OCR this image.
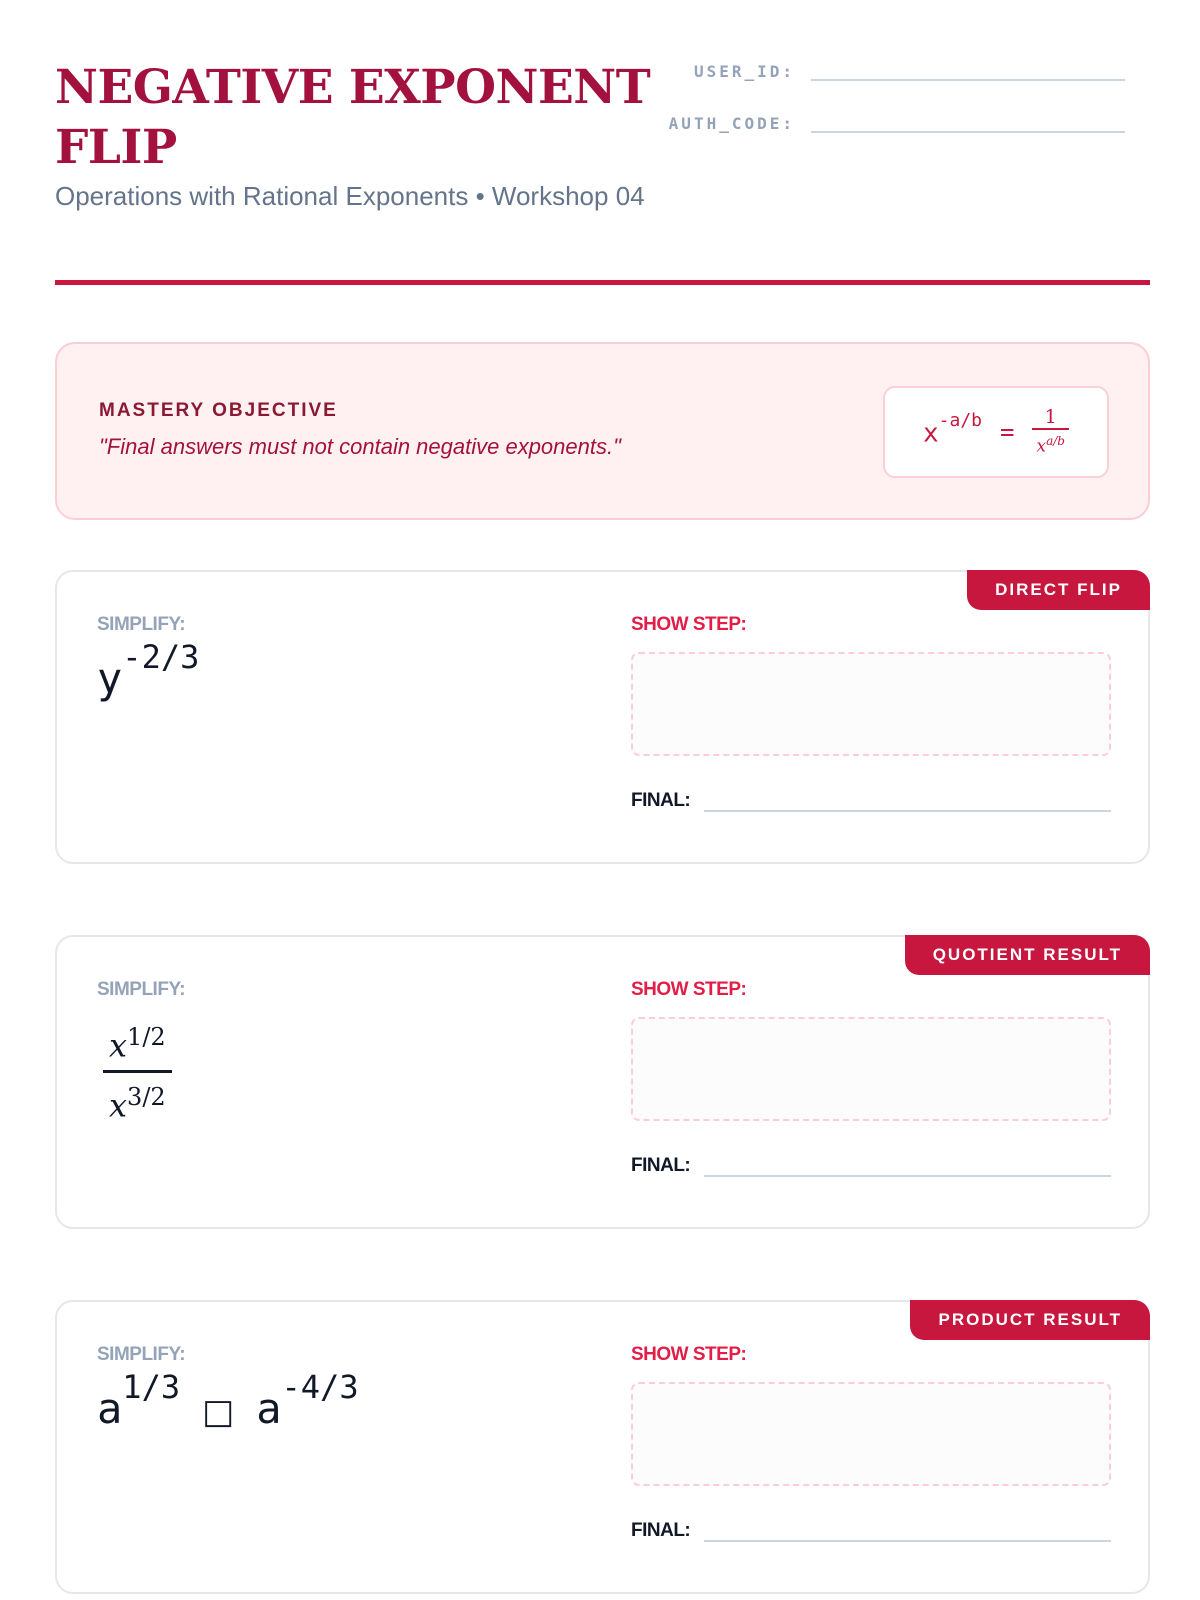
NEGATIVE EXPONENT FLIP
Operations with Rational Exponents • Workshop 04
USER_ID:
AUTH_CODE:
MASTERY OBJECTIVE
"Final answers must not contain negative exponents."	$x^{-a/b} = \frac{1}{x^{a/b}}$
DIRECT FLIP
SIMPLIFY:
$y^{-2/3}$
SHOW STEP:
FINAL:
QUOTIENT RESULT
SIMPLIFY:
$x^{1/2}$
$x^{3/2}$
SHOW STEP:
FINAL:
PRODUCT RESULT
SIMPLIFY:
$a^{1/3}□$ $a^{-4/3}$
SHOW STEP:
FINAL:
